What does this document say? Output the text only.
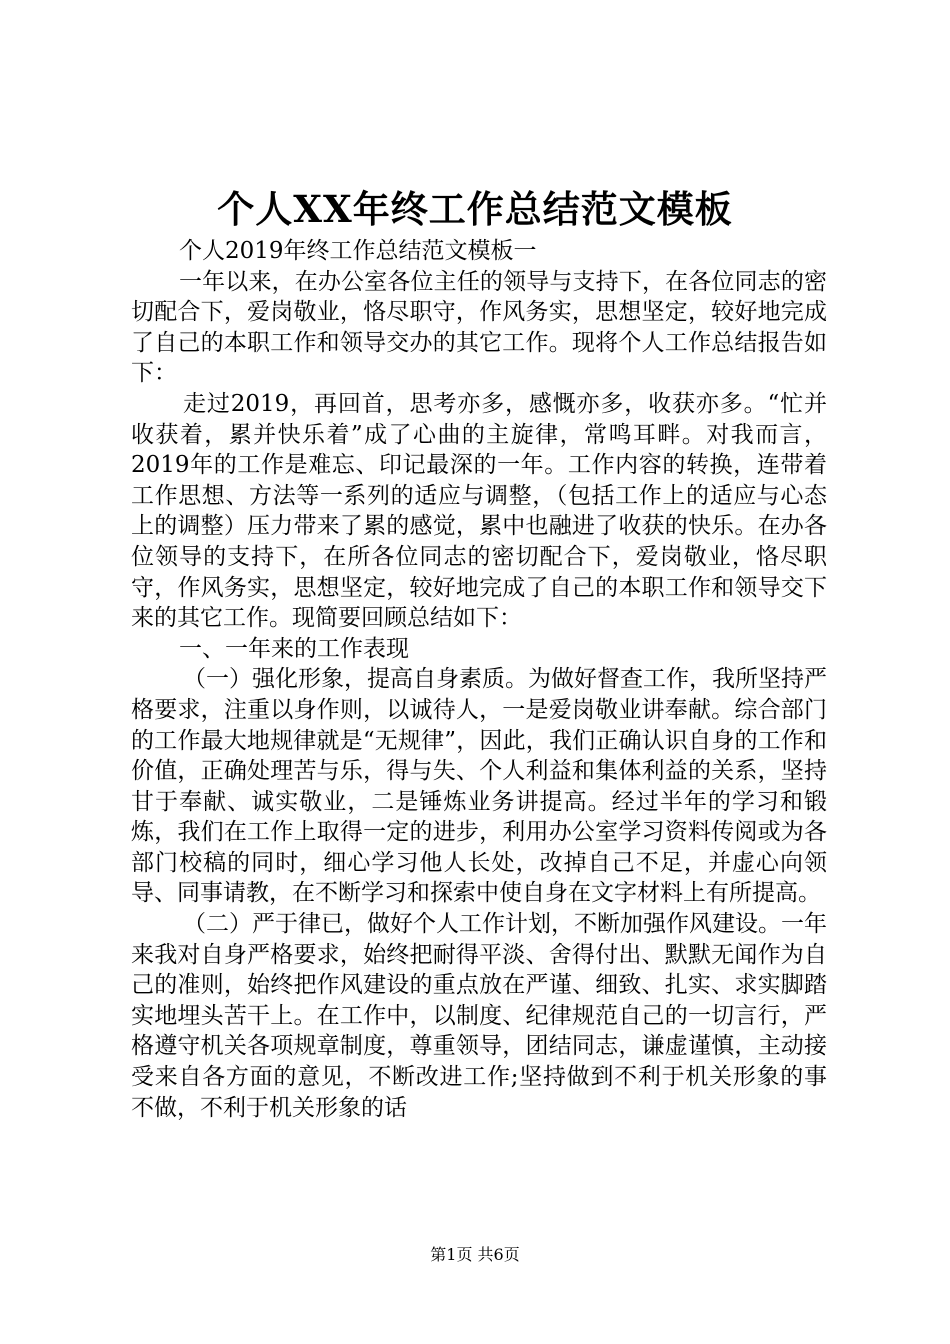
个人XX年终工作总结范文模板

个人2019年终工作总结范文模板一

一年以来，在办公室各位主任的领导与支持下，在各位同志的密切配合下，爱岗敬业，恪尽职守，作风务实，思想坚定，较好地完成了自己的本职工作和领导交办的其它工作。现将个人工作总结报告如下：

走过2019，再回首，思考亦多，感慨亦多，收获亦多。“忙并收获着，累并快乐着”成了心曲的主旋律，常鸣耳畔。对我而言，2019年的工作是难忘、印记最深的一年。工作内容的转换，连带着工作思想、方法等一系列的适应与调整，（包括工作上的适应与心态上的调整）压力带来了累的感觉，累中也融进了收获的快乐。在办各位领导的支持下，在所各位同志的密切配合下，爱岗敬业，恪尽职守，作风务实，思想坚定，较好地完成了自己的本职工作和领导交下来的其它工作。现简要回顾总结如下：

一、一年来的工作表现

（一）强化形象，提高自身素质。为做好督查工作，我所坚持严格要求，注重以身作则，以诚待人，一是爱岗敬业讲奉献。综合部门的工作最大地规律就是“无规律”，因此，我们正确认识自身的工作和价值，正确处理苦与乐，得与失、个人利益和集体利益的关系，坚持甘于奉献、诚实敬业，二是锤炼业务讲提高。经过半年的学习和锻炼，我们在工作上取得一定的进步，利用办公室学习资料传阅或为各部门校稿的同时，细心学习他人长处，改掉自己不足，并虚心向领导、同事请教，在不断学习和探索中使自身在文字材料上有所提高。

（二）严于律已，做好个人工作计划，不断加强作风建设。一年来我对自身严格要求，始终把耐得平淡、舍得付出、默默无闻作为自己的准则，始终把作风建设的重点放在严谨、细致、扎实、求实脚踏实地埋头苦干上。在工作中，以制度、纪律规范自己的一切言行，严格遵守机关各项规章制度，尊重领导，团结同志，谦虚谨慎，主动接受来自各方面的意见，不断改进工作;坚持做到不利于机关形象的事不做，不利于机关形象的话

第1页 共6页
